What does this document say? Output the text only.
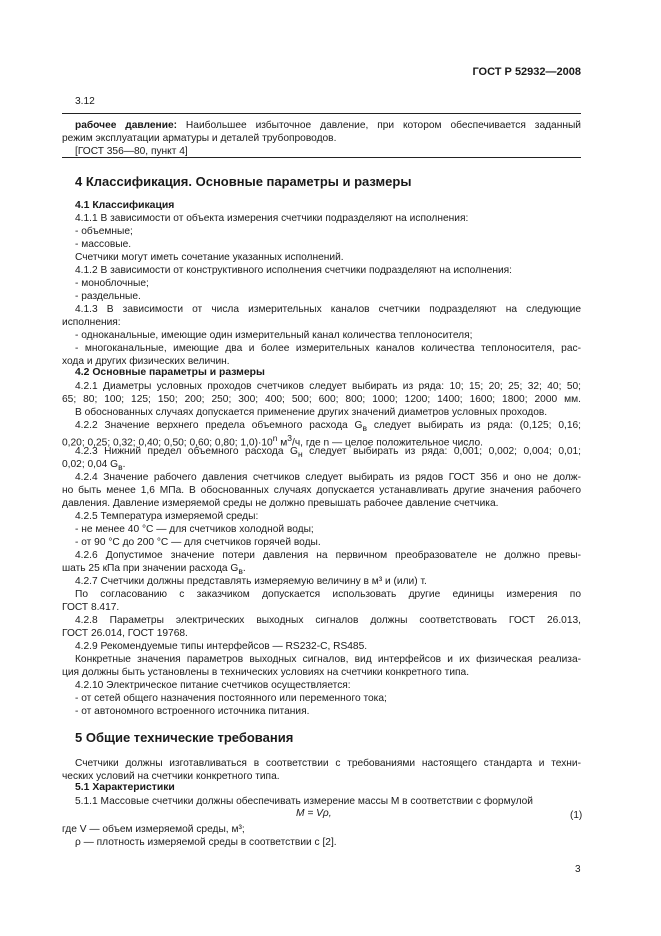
ГОСТ Р 52932—2008
3.12
рабочее давление: Наибольшее избыточное давление, при котором обеспечивается заданный
режим эксплуатации арматуры и деталей трубопроводов.
[ГОСТ 356—80, пункт 4]
4 Классификация. Основные параметры и размеры
4.1 Классификация
4.1.1 В зависимости от объекта измерения счетчики подразделяют на исполнения:
- объемные;
- массовые.
Счетчики могут иметь сочетание указанных исполнений.
4.1.2 В зависимости от конструктивного исполнения счетчики подразделяют на исполнения:
- моноблочные;
- раздельные.
4.1.3 В зависимости от числа измерительных каналов счетчики подразделяют на следующие
исполнения:
- одноканальные, имеющие один измерительный канал количества теплоносителя;
- многоканальные, имеющие два и более измерительных каналов количества теплоносителя, рас-
хода и других физических величин.
4.2 Основные параметры и размеры
4.2.1 Диаметры условных проходов счетчиков следует выбирать из ряда: 10; 15; 20; 25; 32; 40; 50;
65; 80; 100; 125; 150; 200; 250; 300; 400; 500; 600; 800; 1000; 1200; 1400; 1600; 1800; 2000 мм.
В обоснованных случаях допускается применение других значений диаметров условных проходов.
4.2.2 Значение верхнего предела объемного расхода $G_в$ следует выбирать из ряда: (0,125; 0,16;
0,20; 0,25; 0,32; 0,40; 0,50; 0,60; 0,80; $1,0)\cdot 10^n$ $м^3/ч$, где n — целое положительное число.
4.2.3 Нижний предел объемного расхода $G_н$ следует выбирать из ряда: 0,001; 0,002; 0,004; 0,01;
0,02; 0,04 $G_в$.
4.2.4 Значение рабочего давления счетчиков следует выбирать из рядов ГОСТ 356 и оно не долж-
но быть менее 1,6 МПа. В обоснованных случаях допускается устанавливать другие значения рабочего
давления. Давление измеряемой среды не должно превышать рабочее давление счетчика.
4.2.5 Температура измеряемой среды:
- не менее 40 °С — для счетчиков холодной воды;
- от 90 °С до 200 °С — для счетчиков горячей воды.
4.2.6 Допустимое значение потери давления на первичном преобразователе не должно превы-
шать 25 кПа при значении расхода $G_в$.
4.2.7 Счетчики должны представлять измеряемую величину в м³ и (или) т.
По согласованию с заказчиком допускается использовать другие единицы измерения по
ГОСТ 8.417.
4.2.8 Параметры электрических выходных сигналов должны соответствовать ГОСТ 26.013,
ГОСТ 26.014, ГОСТ 19768.
4.2.9 Рекомендуемые типы интерфейсов — RS232-С, RS485.
Конкретные значения параметров выходных сигналов, вид интерфейсов и их физическая реализа-
ция должны быть установлены в технических условиях на счетчики конкретного типа.
4.2.10 Электрическое питание счетчиков осуществляется:
- от сетей общего назначения постоянного или переменного тока;
- от автономного встроенного источника питания.
5 Общие технические требования
Счетчики должны изготавливаться в соответствии с требованиями настоящего стандарта и техни-
ческих условий на счетчики конкретного типа.
5.1 Характеристики
5.1.1 Массовые счетчики должны обеспечивать измерение массы M в соответствии с формулой
M = Vρ,	(1)
где V — объем измеряемой среды, м³;
ρ — плотность измеряемой среды в соответствии с [2].
3
